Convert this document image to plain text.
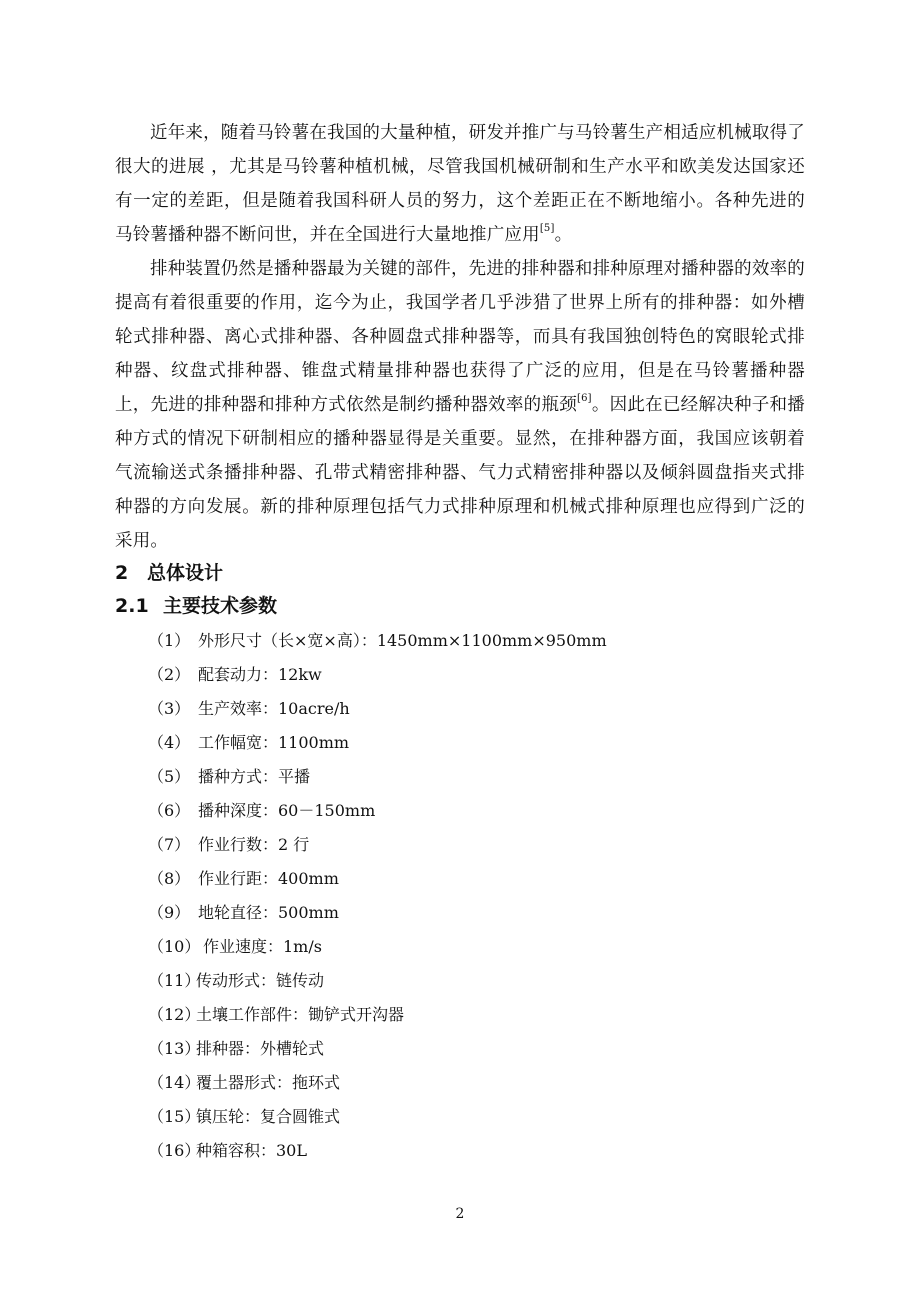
近年来，随着马铃薯在我国的大量种植，研发并推广与马铃薯生产相适应机械取得了很大的进展 ，尤其是马铃薯种植机械，尽管我国机械研制和生产水平和欧美发达国家还有一定的差距，但是随着我国科研人员的努力，这个差距正在不断地缩小。各种先进的马铃薯播种器不断问世，并在全国进行大量地推广应用[5]。

排种装置仍然是播种器最为关键的部件，先进的排种器和排种原理对播种器的效率的提高有着很重要的作用，迄今为止，我国学者几乎涉猎了世界上所有的排种器：如外槽轮式排种器、离心式排种器、各种圆盘式排种器等，而具有我国独创特色的窝眼轮式排种器、纹盘式排种器、锥盘式精量排种器也获得了广泛的应用，但是在马铃薯播种器上，先进的排种器和排种方式依然是制约播种器效率的瓶颈[6]。因此在已经解决种子和播种方式的情况下研制相应的播种器显得是关重要。显然，在排种器方面，我国应该朝着气流输送式条播排种器、孔带式精密排种器、气力式精密排种器以及倾斜圆盘指夹式排种器的方向发展。新的排种原理包括气力式排种原理和机械式排种原理也应得到广泛的采用。

2 总体设计
2.1 主要技术参数
（1） 外形尺寸（长×宽×高）：1450mm×1100mm×950mm
（2） 配套动力：12kw
（3） 生产效率：10acre/h
（4） 工作幅宽：1100mm
（5） 播种方式：平播
（6） 播种深度：60－150mm
（7） 作业行数：2 行
（8） 作业行距：400mm
（9） 地轮直径：500mm
（10） 作业速度：1m/s
（11）传动形式：链传动
（12）土壤工作部件：锄铲式开沟器
（13）排种器：外槽轮式
（14）覆土器形式：拖环式
（15）镇压轮：复合圆锥式
（16）种箱容积：30L
2
